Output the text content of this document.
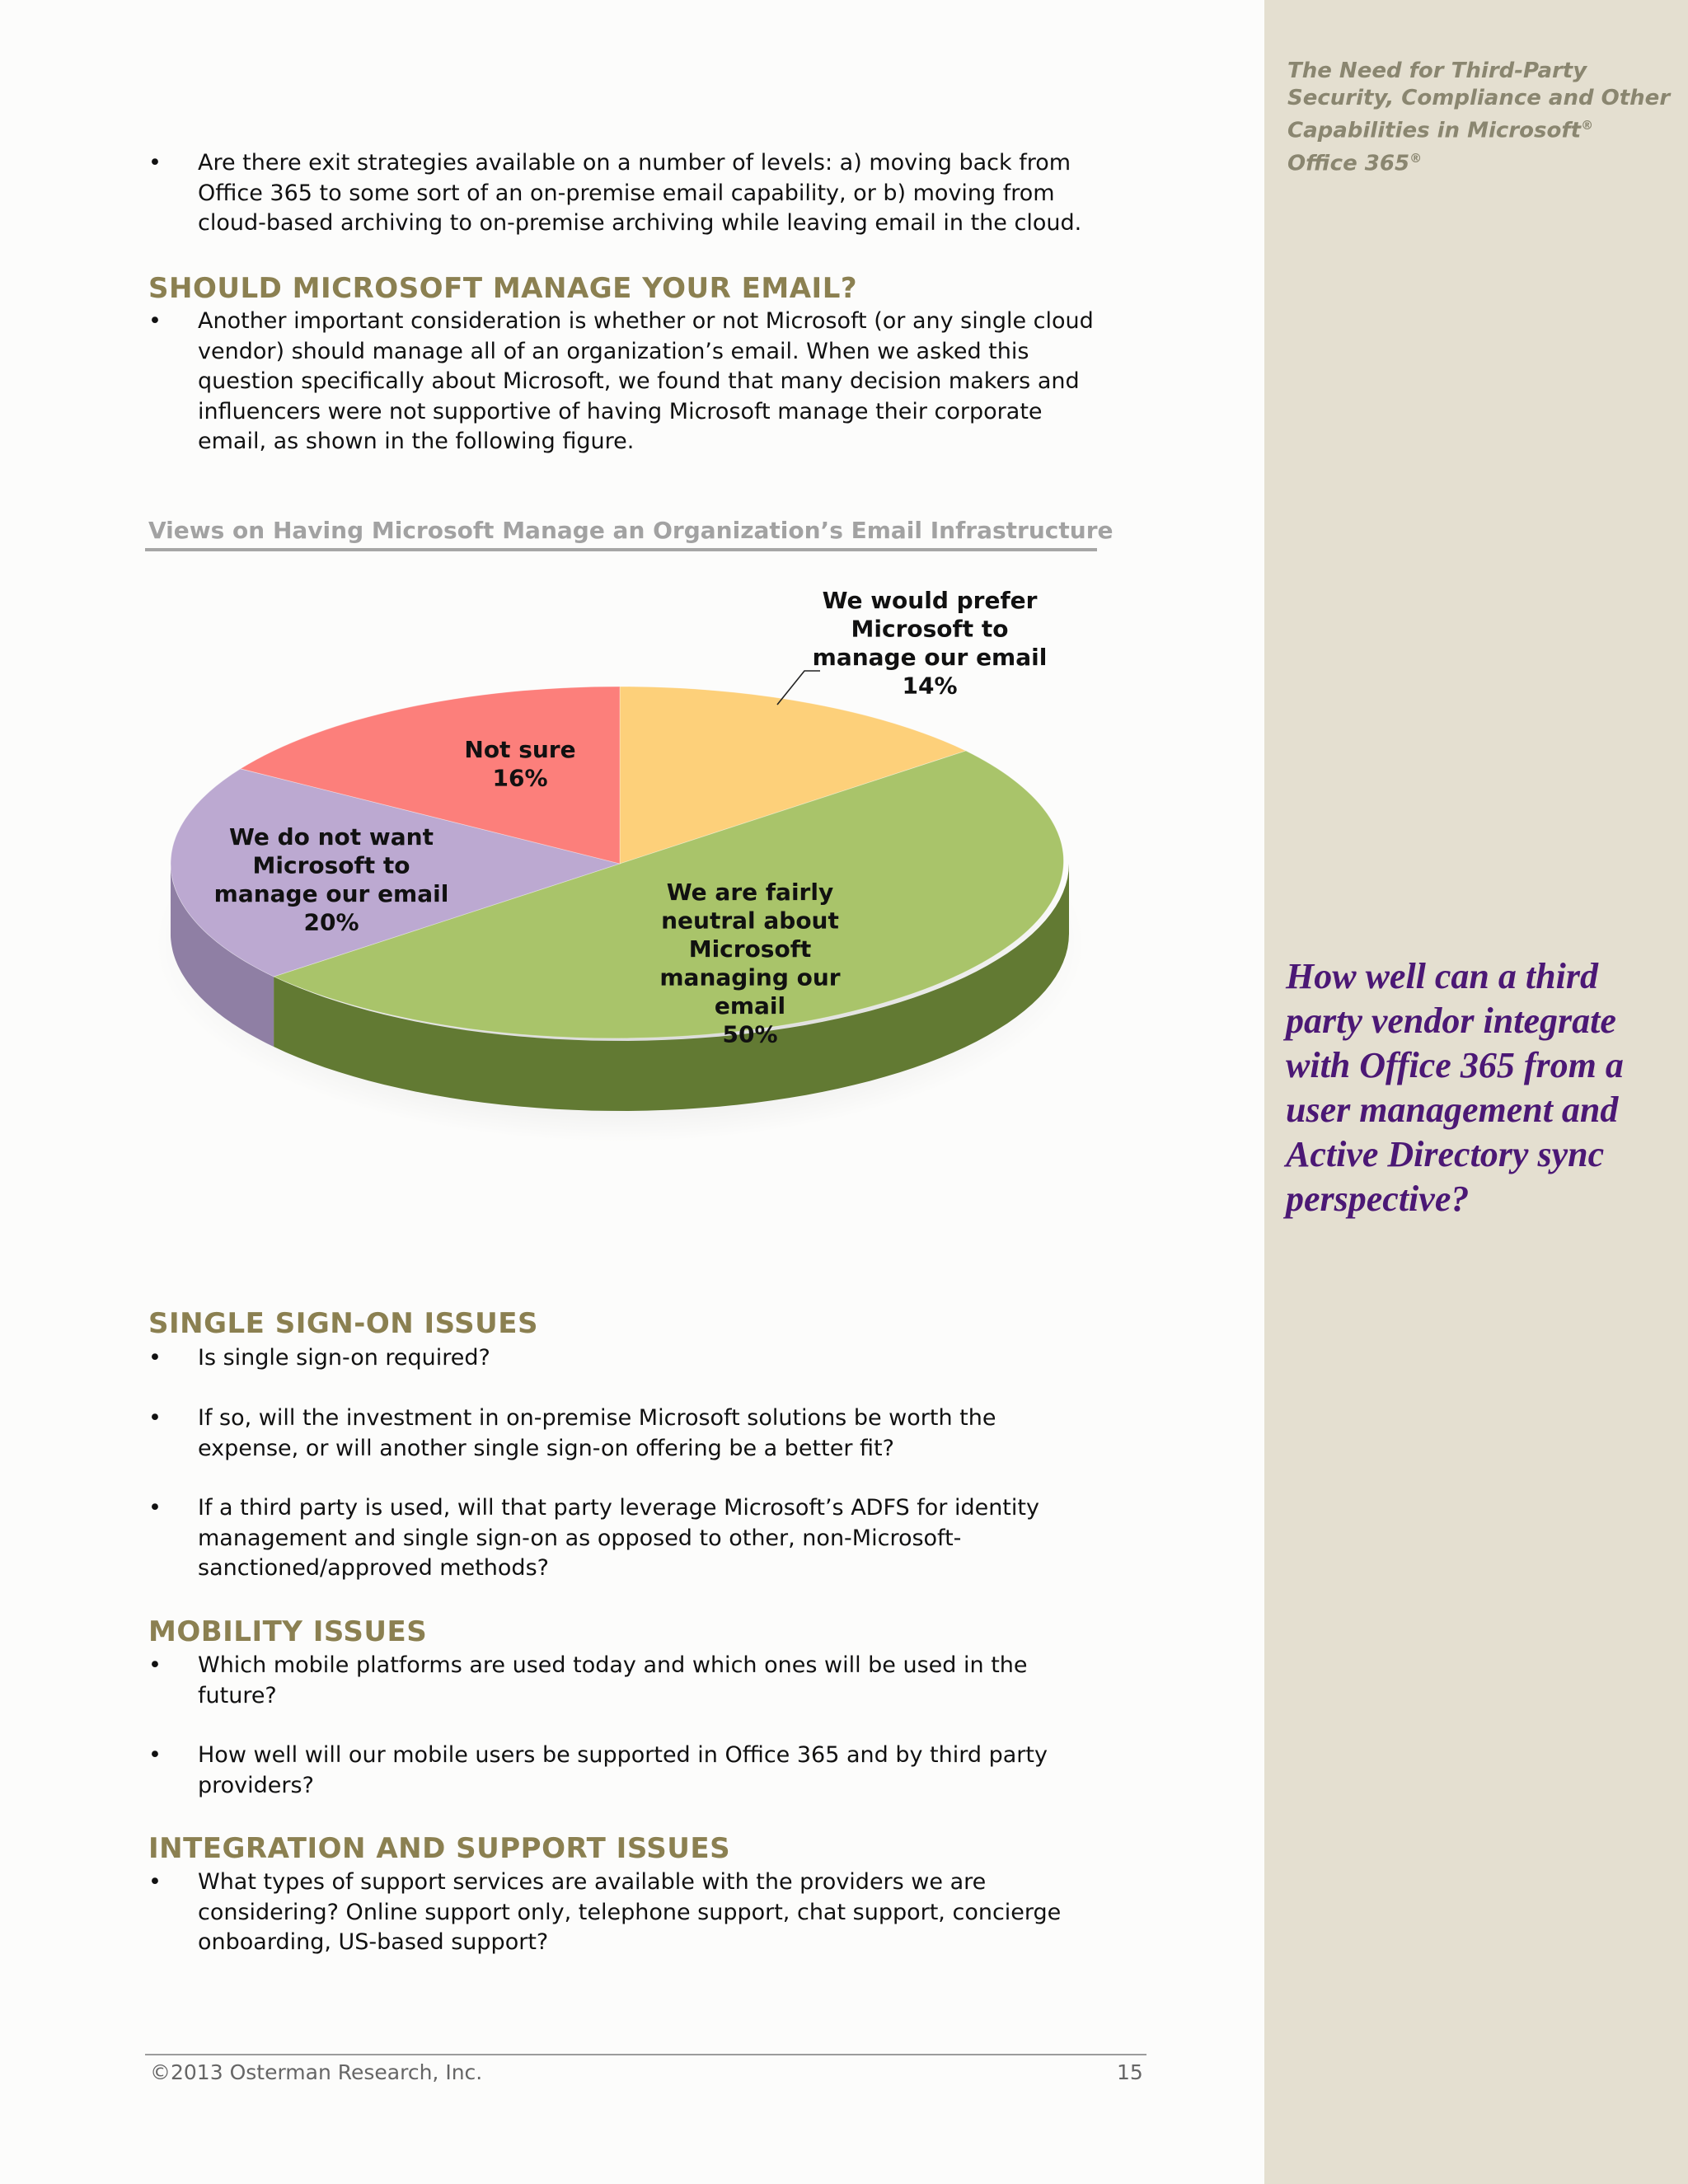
The Need for Third-Party
Security, Compliance and Other
Capabilities in Microsoft®
Office 365®
How well can a third party vendor integrate with Office 365 from a user management and Active Directory sync perspective?
• Are there exit strategies available on a number of levels: a) moving back from Office 365 to some sort of an on-premise email capability, or b) moving from cloud-based archiving to on-premise archiving while leaving email in the cloud.
SHOULD MICROSOFT MANAGE YOUR EMAIL?
• Another important consideration is whether or not Microsoft (or any single cloud vendor) should manage all of an organization’s email. When we asked this question specifically about Microsoft, we found that many decision makers and influencers were not supportive of having Microsoft manage their corporate email, as shown in the following figure.
Views on Having Microsoft Manage an Organization’s Email Infrastructure
We would prefer
Microsoft to
manage our email
14%
We are fairly
neutral about
Microsoft
managing our
email
50%
We do not want
Microsoft to
manage our email
20%
Not sure
16%
SINGLE SIGN-ON ISSUES
• Is single sign-on required?
• If so, will the investment in on-premise Microsoft solutions be worth the expense, or will another single sign-on offering be a better fit?
• If a third party is used, will that party leverage Microsoft’s ADFS for identity management and single sign-on as opposed to other, non-Microsoft-sanctioned/approved methods?
MOBILITY ISSUES
• Which mobile platforms are used today and which ones will be used in the future?
• How well will our mobile users be supported in Office 365 and by third party providers?
INTEGRATION AND SUPPORT ISSUES
• What types of support services are available with the providers we are considering? Online support only, telephone support, chat support, concierge onboarding, US-based support?
©2013 Osterman Research, Inc.	15
